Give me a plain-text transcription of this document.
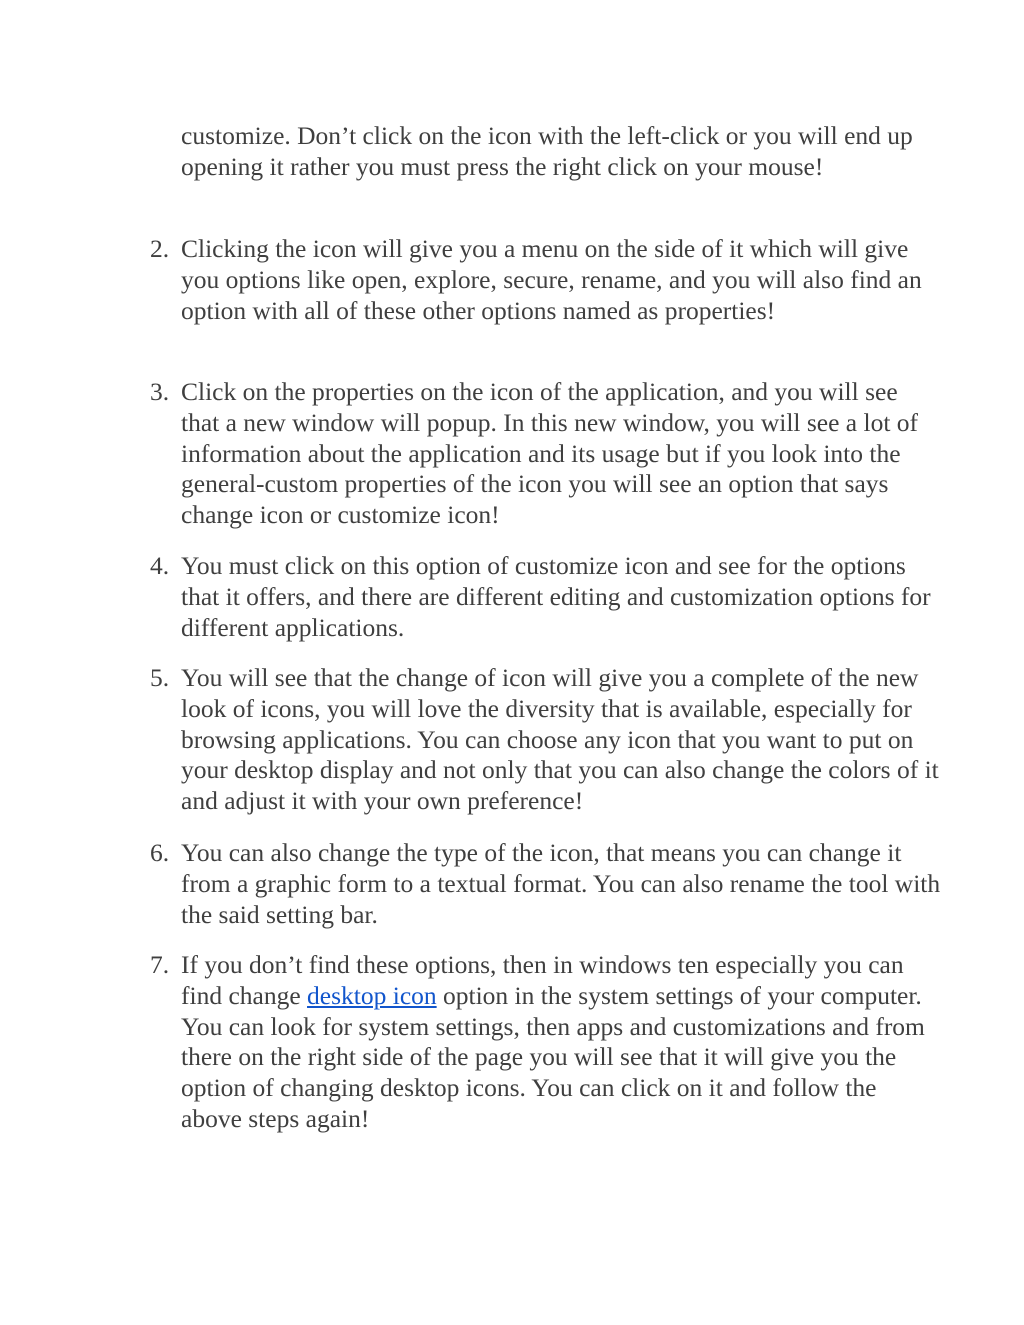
customize. Don’t click on the icon with the left-click or you will end up opening it rather you must press the right click on your mouse!

2. Clicking the icon will give you a menu on the side of it which will give you options like open, explore, secure, rename, and you will also find an option with all of these other options named as properties!

3. Click on the properties on the icon of the application, and you will see that a new window will popup. In this new window, you will see a lot of information about the application and its usage but if you look into the general-custom properties of the icon you will see an option that says change icon or customize icon!

4. You must click on this option of customize icon and see for the options that it offers, and there are different editing and customization options for different applications.

5. You will see that the change of icon will give you a complete of the new look of icons, you will love the diversity that is available, especially for browsing applications. You can choose any icon that you want to put on your desktop display and not only that you can also change the colors of it and adjust it with your own preference!

6. You can also change the type of the icon, that means you can change it from a graphic form to a textual format. You can also rename the tool with the said setting bar.

7. If you don’t find these options, then in windows ten especially you can find change desktop icon option in the system settings of your computer. You can look for system settings, then apps and customizations and from there on the right side of the page you will see that it will give you the option of changing desktop icons. You can click on it and follow the above steps again!
